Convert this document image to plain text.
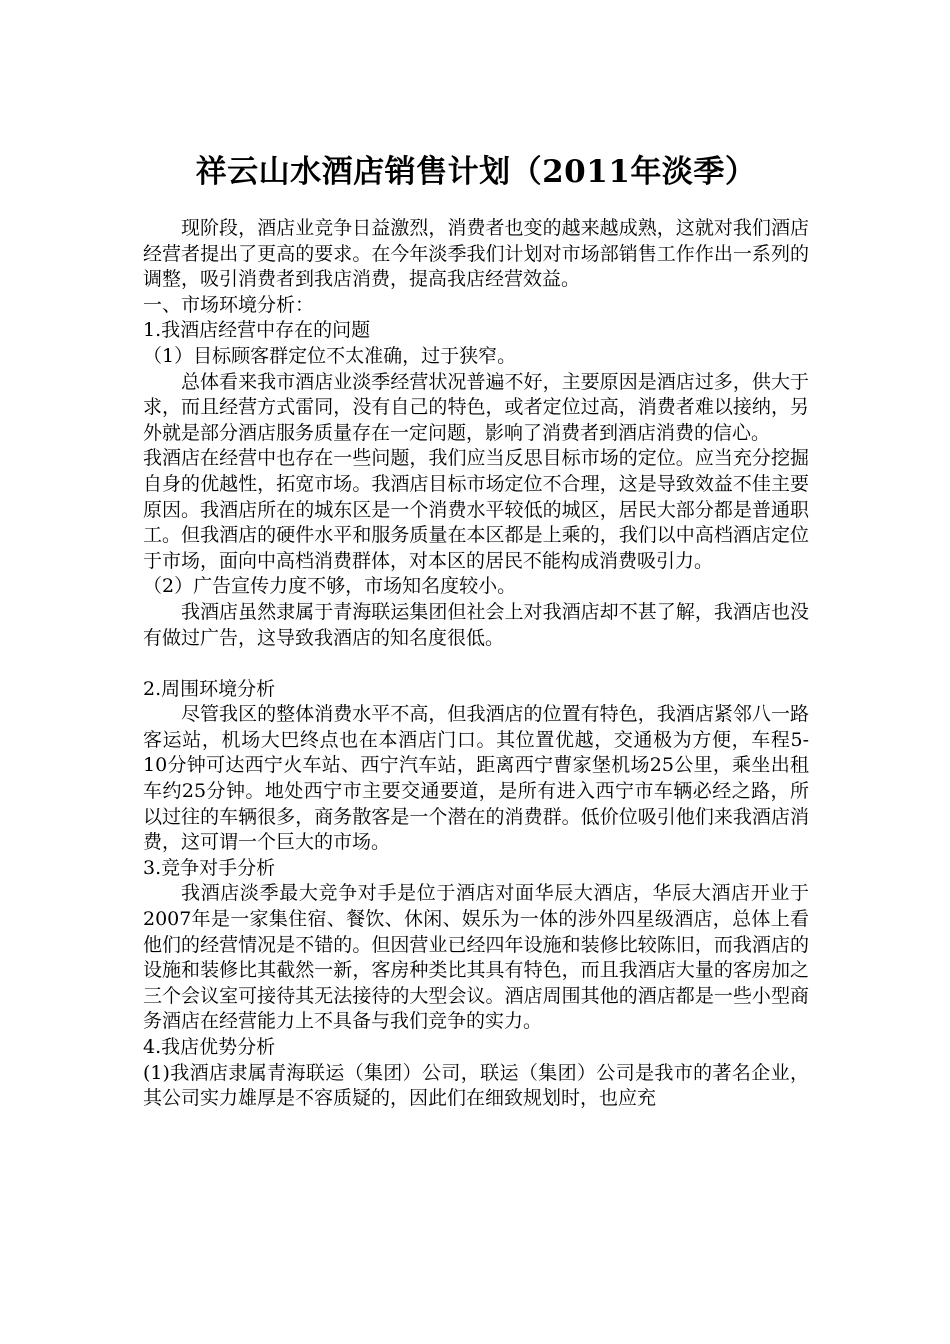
祥云山水酒店销售计划（2011年淡季）

现阶段，酒店业竞争日益激烈，消费者也变的越来越成熟，这就对我们酒店经营者提出了更高的要求。在今年淡季我们计划对市场部销售工作作出一系列的调整，吸引消费者到我店消费，提高我店经营效益。

一、市场环境分析：

1.我酒店经营中存在的问题

（1）目标顾客群定位不太准确，过于狭窄。

总体看来我市酒店业淡季经营状况普遍不好，主要原因是酒店过多，供大于求，而且经营方式雷同，没有自己的特色，或者定位过高，消费者难以接纳，另外就是部分酒店服务质量存在一定问题，影响了消费者到酒店消费的信心。

我酒店在经营中也存在一些问题，我们应当反思目标市场的定位。应当充分挖掘自身的优越性，拓宽市场。我酒店目标市场定位不合理，这是导致效益不佳主要原因。我酒店所在的城东区是一个消费水平较低的城区，居民大部分都是普通职工。但我酒店的硬件水平和服务质量在本区都是上乘的，我们以中高档酒店定位于市场，面向中高档消费群体，对本区的居民不能构成消费吸引力。

（2）广告宣传力度不够，市场知名度较小。

我酒店虽然隶属于青海联运集团但社会上对我酒店却不甚了解，我酒店也没有做过广告，这导致我酒店的知名度很低。

2.周围环境分析

尽管我区的整体消费水平不高，但我酒店的位置有特色，我酒店紧邻八一路客运站，机场大巴终点也在本酒店门口。其位置优越，交通极为方便，车程5-10分钟可达西宁火车站、西宁汽车站，距离西宁曹家堡机场25公里，乘坐出租车约25分钟。地处西宁市主要交通要道，是所有进入西宁市车辆必经之路，所以过往的车辆很多，商务散客是一个潜在的消费群。低价位吸引他们来我酒店消费，这可谓一个巨大的市场。

3.竞争对手分析

我酒店淡季最大竞争对手是位于酒店对面华辰大酒店，华辰大酒店开业于2007年是一家集住宿、餐饮、休闲、娱乐为一体的涉外四星级酒店，总体上看他们的经营情况是不错的。但因营业已经四年设施和装修比较陈旧，而我酒店的设施和装修比其截然一新，客房种类比其具有特色，而且我酒店大量的客房加之三个会议室可接待其无法接待的大型会议。酒店周围其他的酒店都是一些小型商务酒店在经营能力上不具备与我们竞争的实力。

4.我店优势分析

(1)我酒店隶属青海联运（集团）公司，联运（集团）公司是我市的著名企业，其公司实力雄厚是不容质疑的，因此们在细致规划时，也应充
